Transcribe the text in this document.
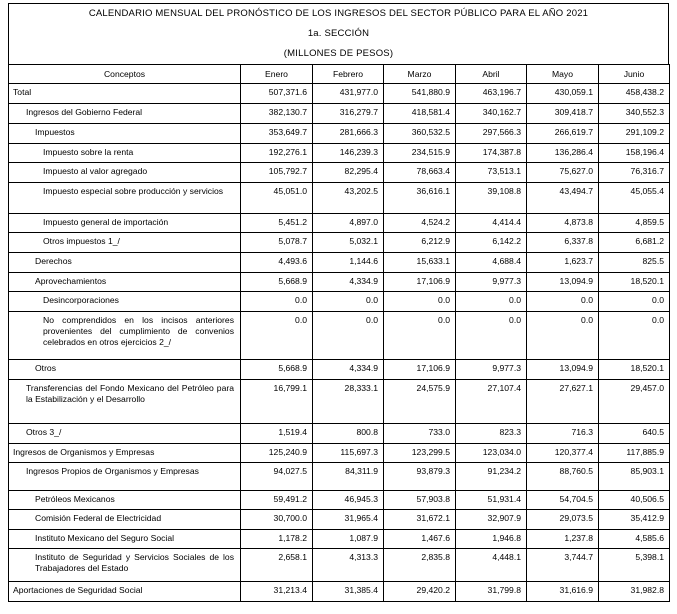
CALENDARIO MENSUAL DEL PRONÓSTICO DE LOS INGRESOS DEL SECTOR PÚBLICO PARA EL AÑO 2021
1a. SECCIÓN
(MILLONES DE PESOS)
Conceptos	Enero	Febrero	Marzo	Abril	Mayo	Junio

Total	507,371.6	431,977.0	541,880.9	463,196.7	430,059.1	458,438.2

Ingresos del Gobierno Federal	382,130.7	316,279.7	418,581.4	340,162.7	309,418.7	340,552.3

Impuestos	353,649.7	281,666.3	360,532.5	297,566.3	266,619.7	291,109.2

Impuesto sobre la renta	192,276.1	146,239.3	234,515.9	174,387.8	136,286.4	158,196.4

Impuesto al valor agregado	105,792.7	82,295.4	78,663.4	73,513.1	75,627.0	76,316.7

Impuesto especial sobre producción y servicios	45,051.0	43,202.5	36,616.1	39,108.8	43,494.7	45,055.4

Impuesto general de importación	5,451.2	4,897.0	4,524.2	4,414.4	4,873.8	4,859.5

Otros impuestos 1_/	5,078.7	5,032.1	6,212.9	6,142.2	6,337.8	6,681.2

Derechos	4,493.6	1,144.6	15,633.1	4,688.4	1,623.7	825.5

Aprovechamientos	5,668.9	4,334.9	17,106.9	9,977.3	13,094.9	18,520.1

Desincorporaciones	0.0	0.0	0.0	0.0	0.0	0.0

No comprendidos en los incisos anteriores provenientes del cumplimiento de convenios celebrados en otros ejercicios 2_/	0.0	0.0	0.0	0.0	0.0	0.0

Otros	5,668.9	4,334.9	17,106.9	9,977.3	13,094.9	18,520.1

Transferencias del Fondo Mexicano del Petróleo para la Estabilización y el Desarrollo	16,799.1	28,333.1	24,575.9	27,107.4	27,627.1	29,457.0

Otros 3_/	1,519.4	800.8	733.0	823.3	716.3	640.5

Ingresos de Organismos y Empresas	125,240.9	115,697.3	123,299.5	123,034.0	120,377.4	117,885.9

Ingresos Propios de Organismos y Empresas	94,027.5	84,311.9	93,879.3	91,234.2	88,760.5	85,903.1

Petróleos Mexicanos	59,491.2	46,945.3	57,903.8	51,931.4	54,704.5	40,506.5

Comisión Federal de Electricidad	30,700.0	31,965.4	31,672.1	32,907.9	29,073.5	35,412.9

Instituto Mexicano del Seguro Social	1,178.2	1,087.9	1,467.6	1,946.8	1,237.8	4,585.6

Instituto de Seguridad y Servicios Sociales de los Trabajadores del Estado	2,658.1	4,313.3	2,835.8	4,448.1	3,744.7	5,398.1

Aportaciones de Seguridad Social	31,213.4	31,385.4	29,420.2	31,799.8	31,616.9	31,982.8
